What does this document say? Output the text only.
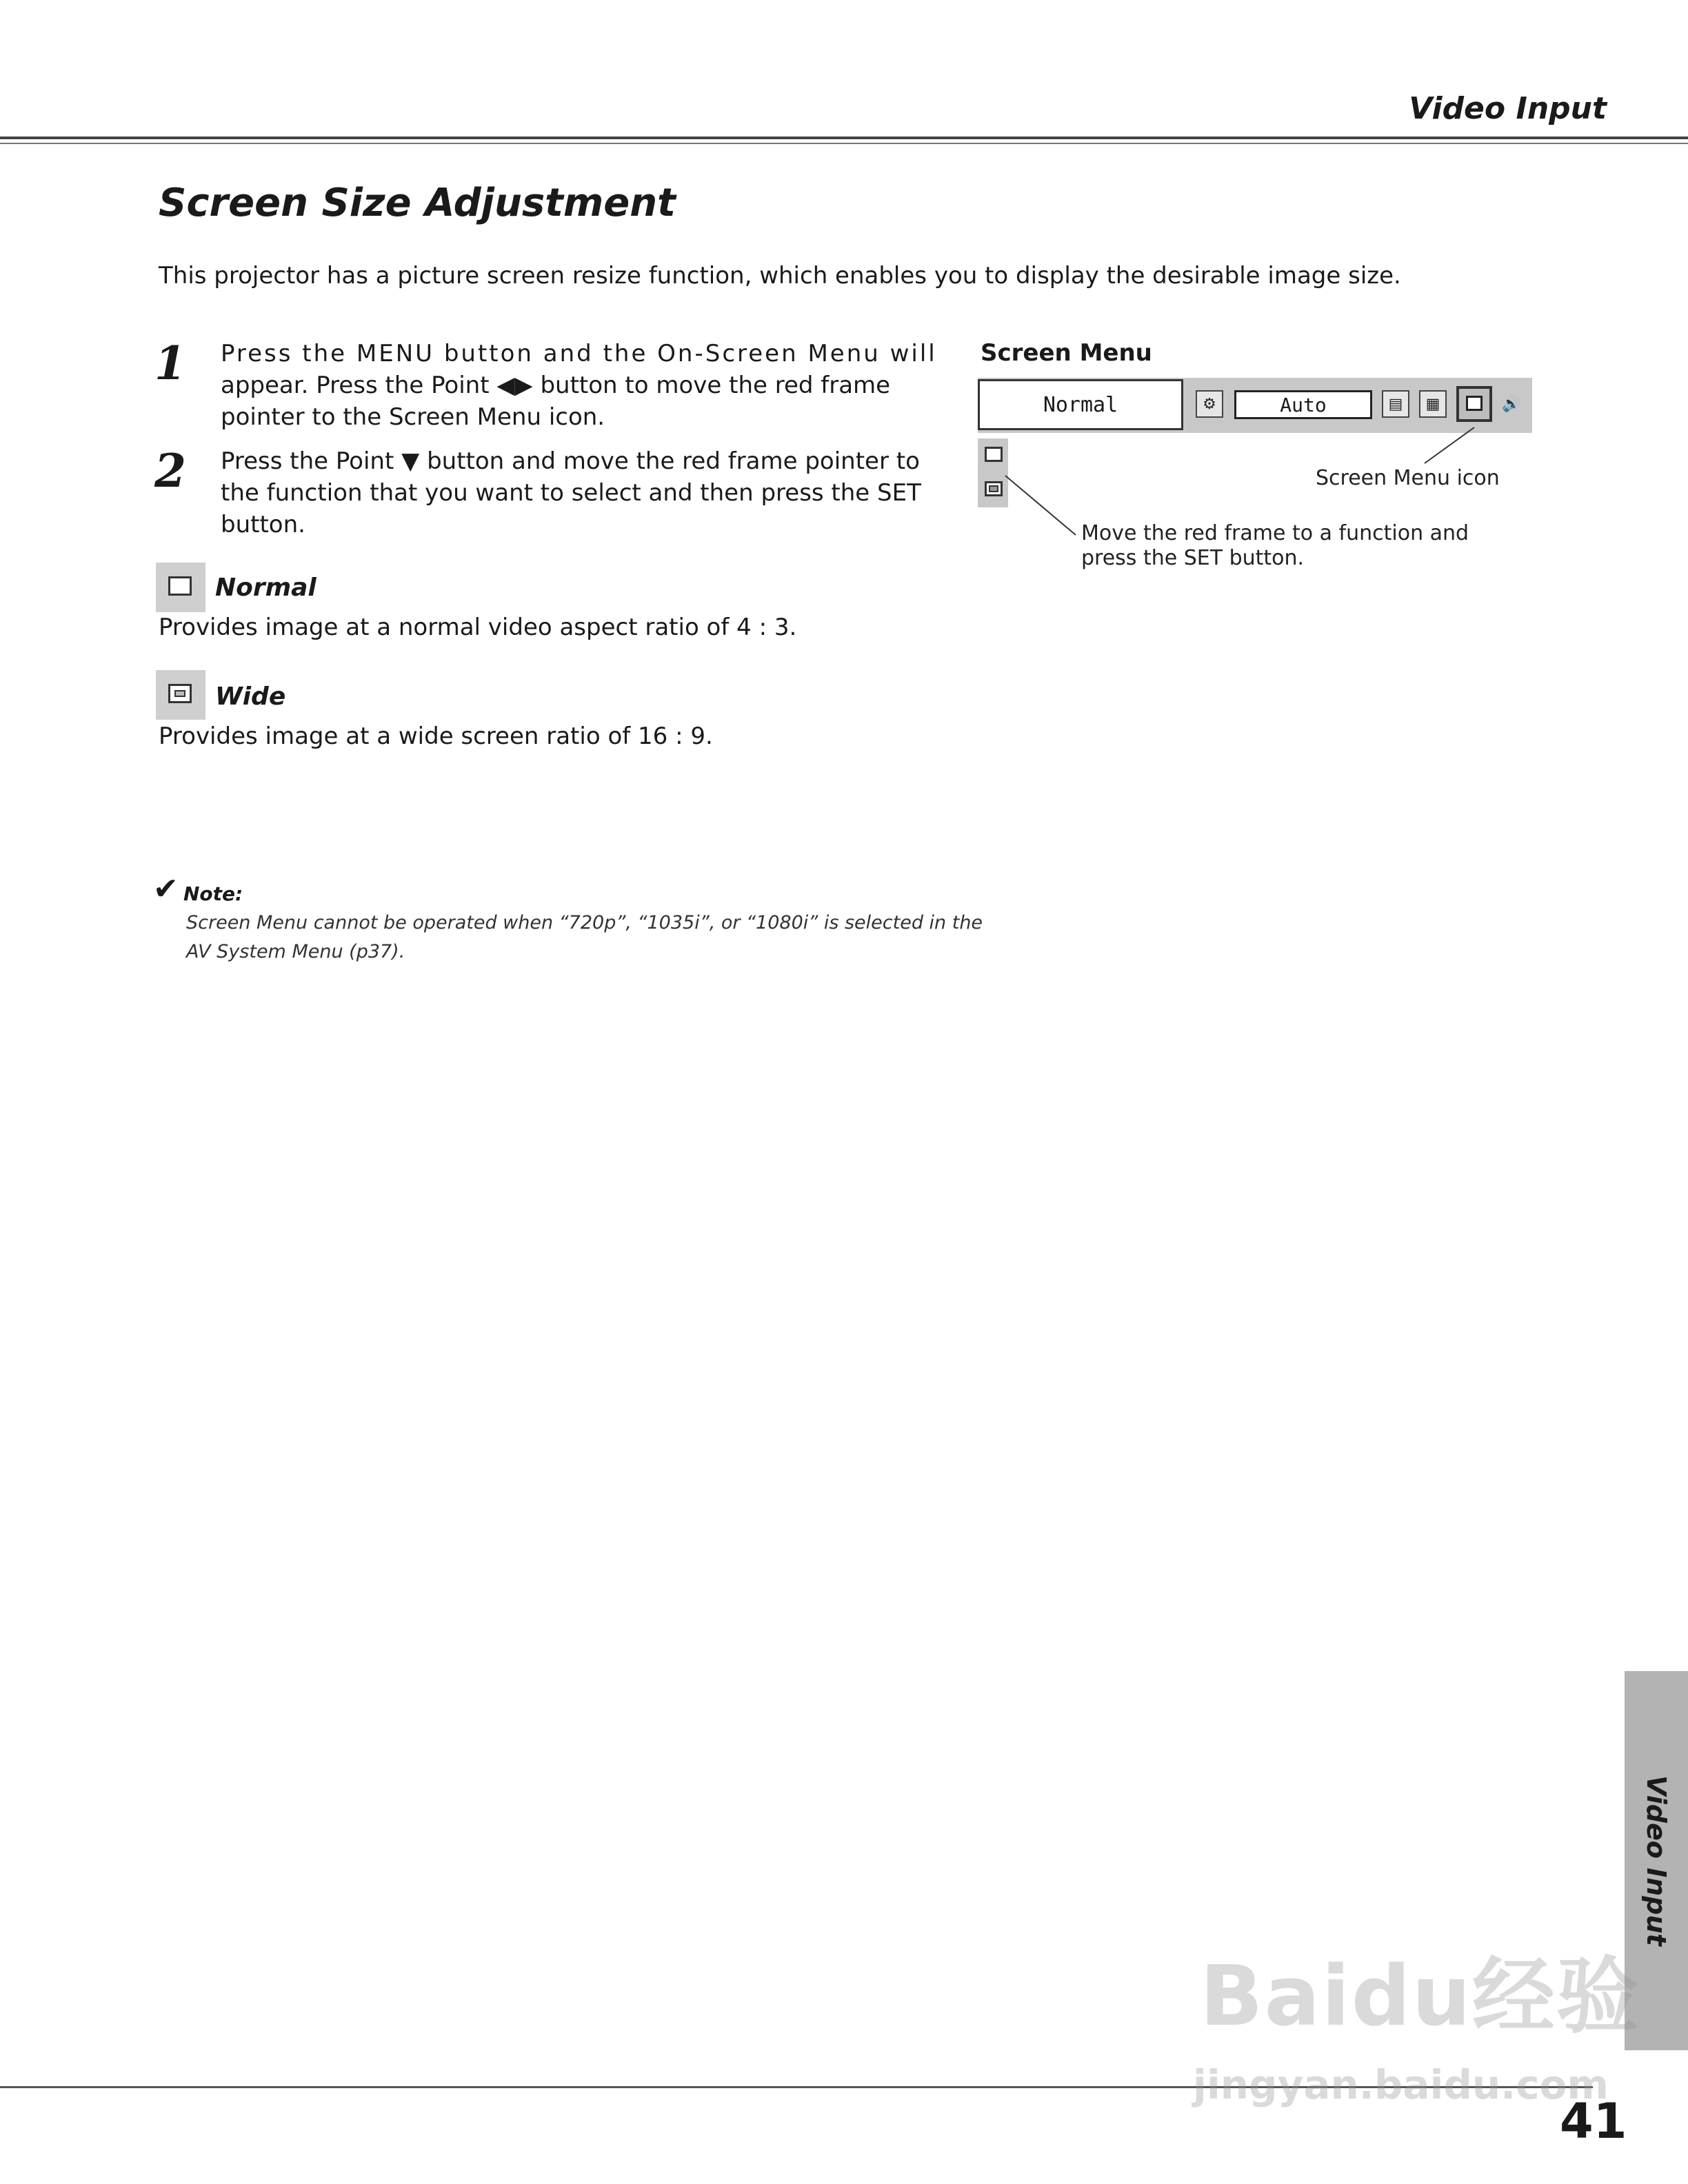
Video Input
Screen Size Adjustment
This projector has a picture screen resize function, which enables you to display the desirable image size.
1 Press the MENU button and the On-Screen Menu will
appear. Press the Point ◀▶ button to move the red frame
pointer to the Screen Menu icon.
2 Press the Point ▼ button and move the red frame pointer to
the function that you want to select and then press the SET
button.
Normal
Provides image at a normal video aspect ratio of 4 : 3.
Wide
Provides image at a wide screen ratio of 16 : 9.
✔ Note:
Screen Menu cannot be operated when “720p”, “1035i”, or “1080i” is selected in the
AV System Menu (p37).
Screen Menu
Normal	⚙	Auto	▤	▦	🔊
Screen Menu icon
Move the red frame to a function and
press the SET button.
Video Input
41
Baidu经验
jingyan.baidu.com
